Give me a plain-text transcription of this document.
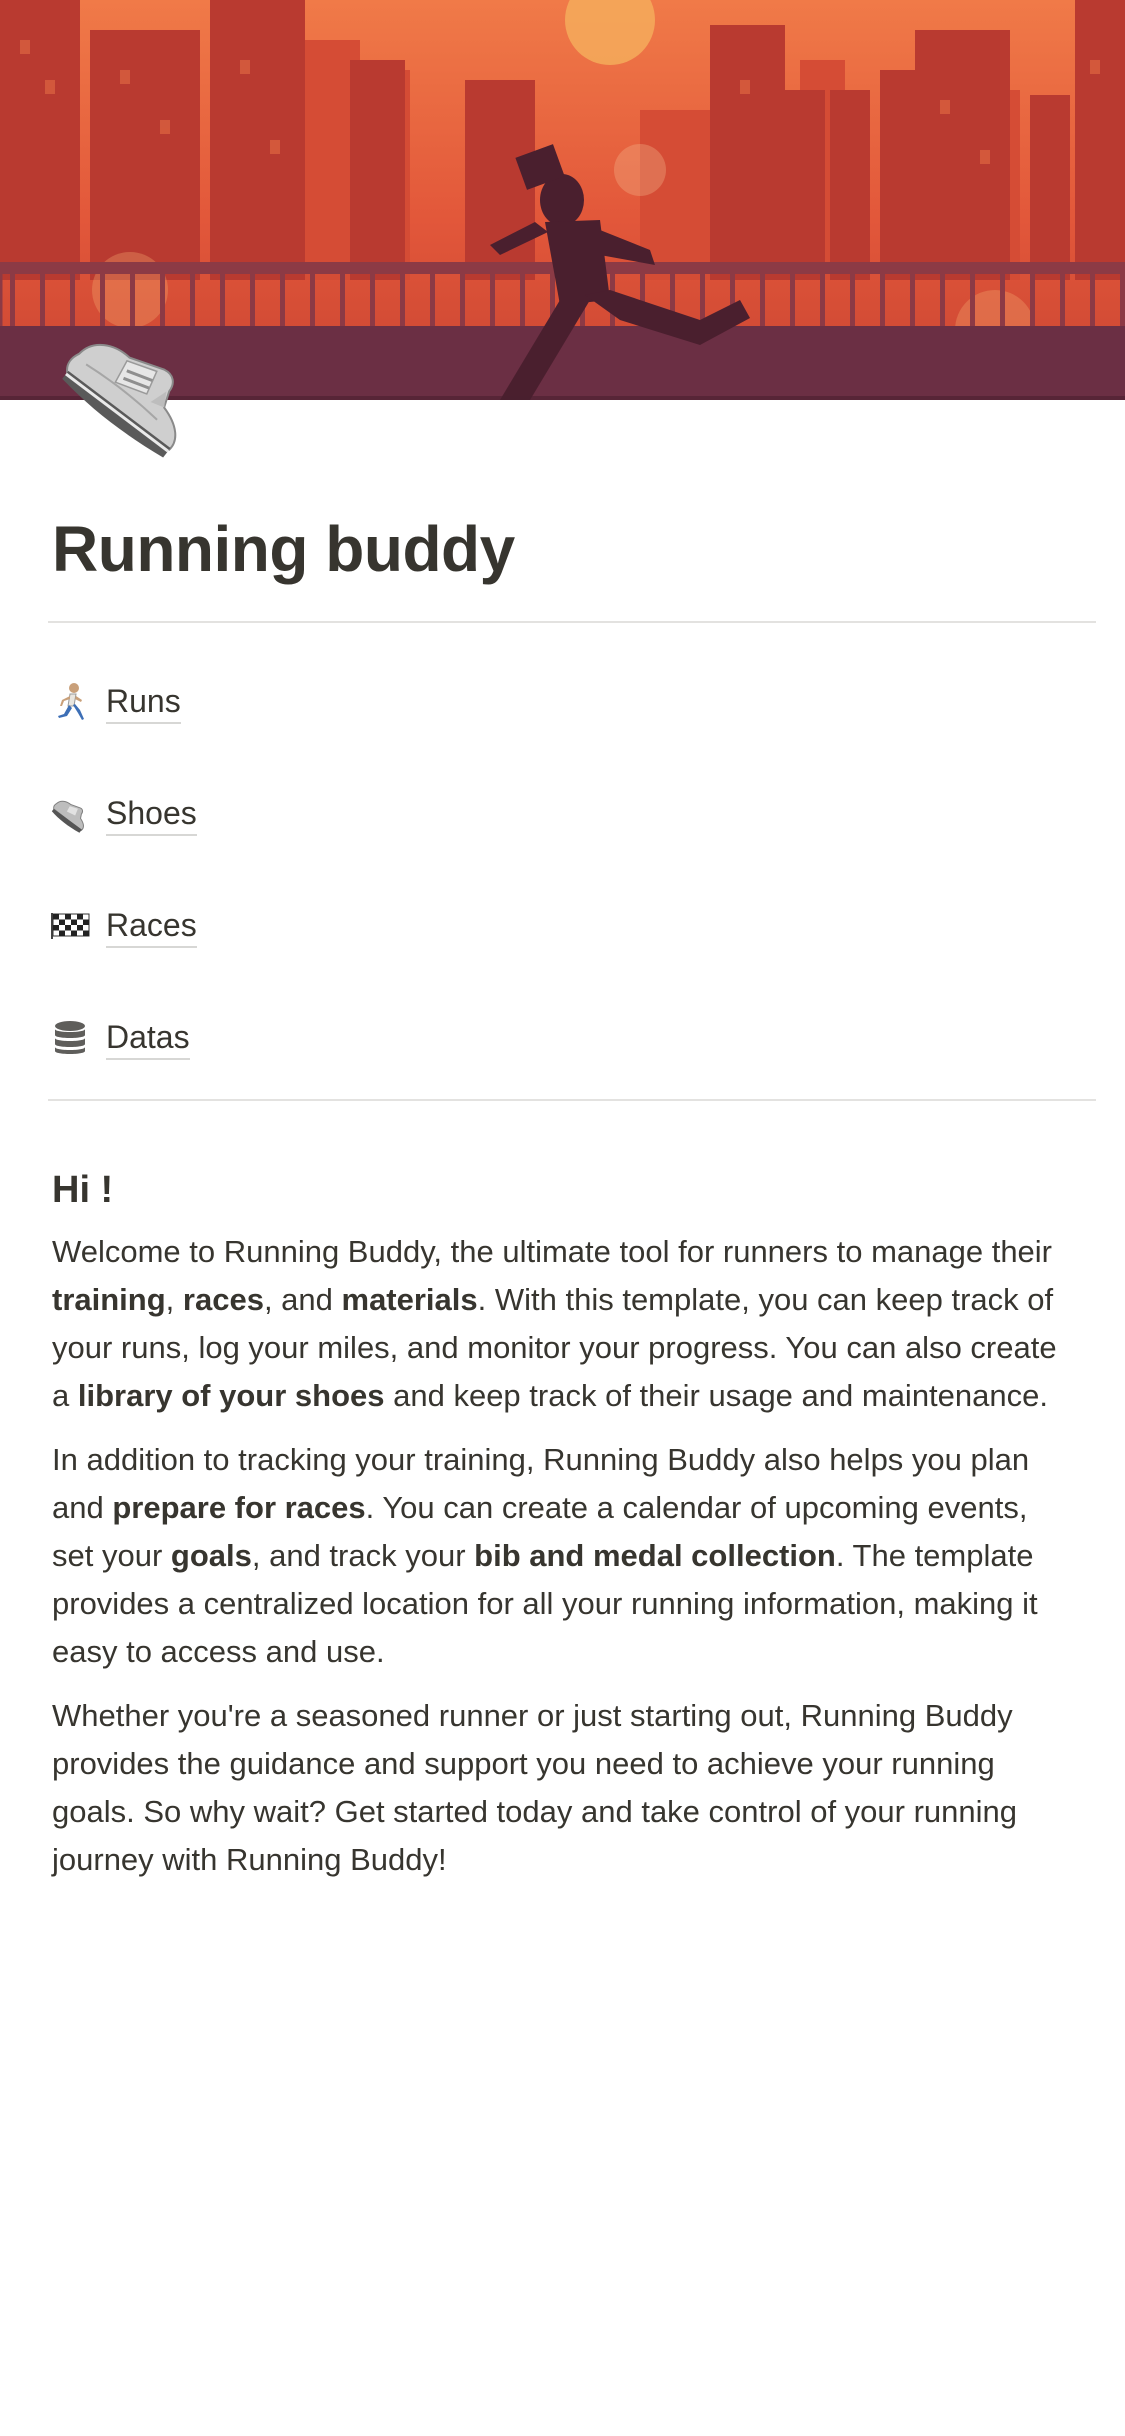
Running buddy
Runs
Shoes
Races
Datas
Hi !

Welcome to Running Buddy, the ultimate tool for runners to manage their training, races, and materials. With this template, you can keep track of your runs, log your miles, and monitor your progress. You can also create a library of your shoes and keep track of their usage and maintenance.

In addition to tracking your training, Running Buddy also helps you plan and prepare for races. You can create a calendar of upcoming events, set your goals, and track your bib and medal collection. The template provides a centralized location for all your running information, making it easy to access and use.

Whether you're a seasoned runner or just starting out, Running Buddy provides the guidance and support you need to achieve your running goals. So why wait? Get started today and take control of your running journey with Running Buddy!
